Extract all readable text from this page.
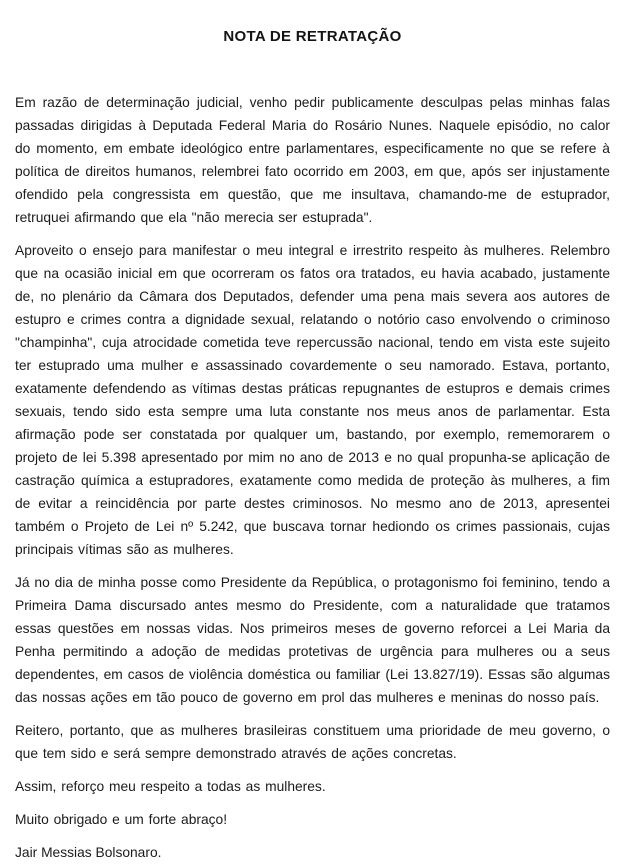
NOTA DE RETRATAÇÃO

Em razão de determinação judicial, venho pedir publicamente desculpas pelas minhas falas passadas dirigidas à Deputada Federal Maria do Rosário Nunes. Naquele episódio, no calor do momento, em embate ideológico entre parlamentares, especificamente no que se refere à política de direitos humanos, relembrei fato ocorrido em 2003, em que, após ser injustamente ofendido pela congressista em questão, que me insultava, chamando-me de estuprador, retruquei afirmando que ela "não merecia ser estuprada".

Aproveito o ensejo para manifestar o meu integral e irrestrito respeito às mulheres. Relembro que na ocasião inicial em que ocorreram os fatos ora tratados, eu havia acabado, justamente de, no plenário da Câmara dos Deputados, defender uma pena mais severa aos autores de estupro e crimes contra a dignidade sexual, relatando o notório caso envolvendo o criminoso "champinha", cuja atrocidade cometida teve repercussão nacional, tendo em vista este sujeito ter estuprado uma mulher e assassinado covardemente o seu namorado. Estava, portanto, exatamente defendendo as vítimas destas práticas repugnantes de estupros e demais crimes sexuais, tendo sido esta sempre uma luta constante nos meus anos de parlamentar. Esta afirmação pode ser constatada por qualquer um, bastando, por exemplo, rememorarem o projeto de lei 5.398 apresentado por mim no ano de 2013 e no qual propunha-se aplicação de castração química a estupradores, exatamente como medida de proteção às mulheres, a fim de evitar a reincidência por parte destes criminosos. No mesmo ano de 2013, apresentei também o Projeto de Lei nº 5.242, que buscava tornar hediondo os crimes passionais, cujas principais vítimas são as mulheres.

Já no dia de minha posse como Presidente da República, o protagonismo foi feminino, tendo a Primeira Dama discursado antes mesmo do Presidente, com a naturalidade que tratamos essas questões em nossas vidas. Nos primeiros meses de governo reforcei a Lei Maria da Penha permitindo a adoção de medidas protetivas de urgência para mulheres ou a seus dependentes, em casos de violência doméstica ou familiar (Lei 13.827/19). Essas são algumas das nossas ações em tão pouco de governo em prol das mulheres e meninas do nosso país.

Reitero, portanto, que as mulheres brasileiras constituem uma prioridade de meu governo, o que tem sido e será sempre demonstrado através de ações concretas.

Assim, reforço meu respeito a todas as mulheres.

Muito obrigado e um forte abraço!

Jair Messias Bolsonaro.
